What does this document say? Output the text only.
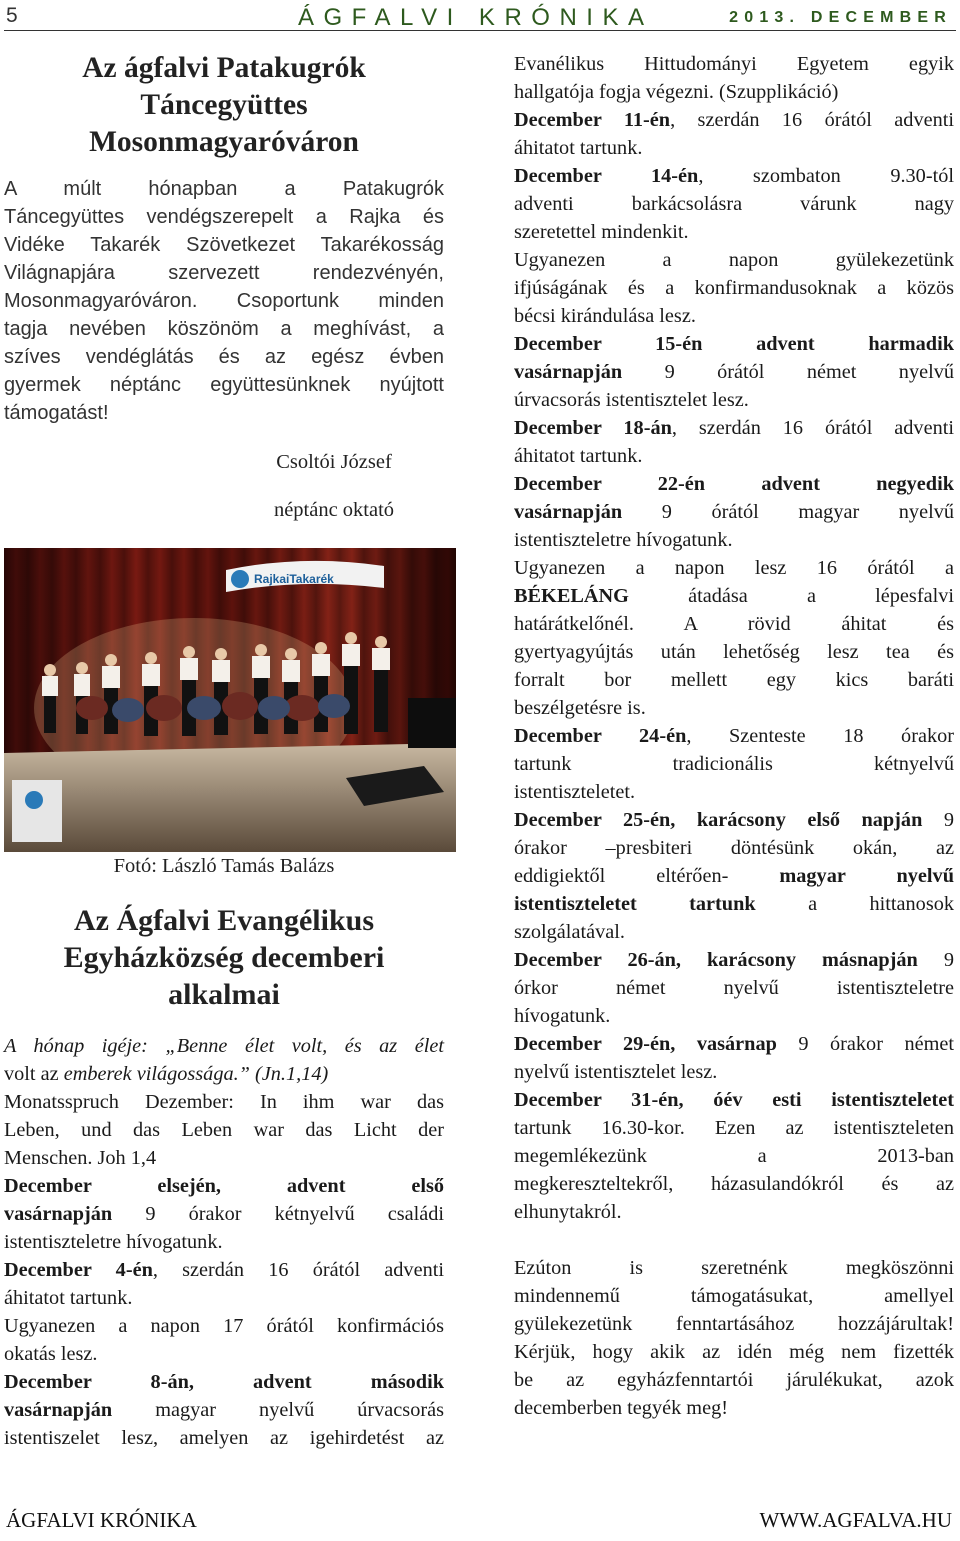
5	ÁGFALVI KRÓNIKA	2013. DECEMBER

Az ágfalvi Patakugrók

Táncegyüttes

Mosonmagyaróváron

A múlt hónapban a Patakugrók

Táncegyüttes vendégszerepelt a Rajka és

Vidéke Takarék Szövetkezet Takarékosság

Világnapjára szervezett rendezvényén,

Mosonmagyaróváron. Csoportunk minden

tagja nevében köszönöm a meghívást, a

szíves vendéglátás és az egész évben

gyermek néptánc együttesünknek nyújtott

támogatást!

Csoltói József

néptánc oktató

RajkaiTakarék

Fotó: László Tamás Balázs

Az Ágfalvi Evangélikus

Egyházközség decemberi

alkalmai

A hónap igéje: „Benne élet volt, és az élet

volt az emberek világossága.” (Jn.1,14)

Monatsspruch Dezember: In ihm war das

Leben, und das Leben war das Licht der

Menschen. Joh 1,4

December elsején, advent első

vasárnapján 9 órakor kétnyelvű családi

istentiszteletre hívogatunk.

December 4-én, szerdán 16 órától adventi

áhitatot tartunk.

Ugyanezen a napon 17 órától konfirmációs

okatás lesz.

December 8-án, advent második

vasárnapján magyar nyelvű úrvacsorás

istentiszelet lesz, amelyen az igehirdetést az

Evanélikus Hittudományi Egyetem egyik

hallgatója fogja végezni. (Szupplikáció)

December 11-én, szerdán 16 órától adventi

áhitatot tartunk.

December 14-én, szombaton 9.30-tól

adventi barkácsolásra várunk nagy

szeretettel mindenkit.

Ugyanezen a napon gyülekezetünk

ifjúságának és a konfirmandusoknak a közös

bécsi kirándulása lesz.

December 15-én advent harmadik

vasárnapján 9 órától német nyelvű

úrvacsorás istentisztelet lesz.

December 18-án, szerdán 16 órától adventi

áhitatot tartunk.

December 22-én advent negyedik

vasárnapján 9 órától magyar nyelvű

istentiszteletre hívogatunk.

Ugyanezen a napon lesz 16 órától a

BÉKELÁNG átadása a lépesfalvi

határátkelőnél. A rövid áhitat és

gyertyagyújtás után lehetőség lesz tea és

forralt bor mellett egy kics baráti

beszélgetésre is.

December 24-én, Szenteste 18 órakor

tartunk tradicionális kétnyelvű

istentiszteletet.

December 25-én, karácsony első napján 9

órakor –presbiteri döntésünk okán, az

eddigiektől eltérően- magyar nyelvű

istentiszteletet tartunk a hittanosok

szolgálatával.

December 26-án, karácsony másnapján 9

órkor német nyelvű istentiszteletre

hívogatunk.

December 29-én, vasárnap 9 órakor német

nyelvű istentisztelet lesz.

December 31-én, óév esti istentiszteletet

tartunk 16.30-kor. Ezen az istentiszteleten

megemlékezünk a 2013-ban

megkereszteltekről, házasulandókról és az

elhunytakról.

Ezúton is szeretnénk megköszönni

mindennemű támogatásukat, amellyel

gyülekezetünk fenntartásához hozzájárultak!

Kérjük, hogy akik az idén még nem fizették

be az egyházfenntartói járulékukat, azok

decemberben tegyék meg!

ÁGFALVI KRÓNIKA	WWW.AGFALVA.HU
